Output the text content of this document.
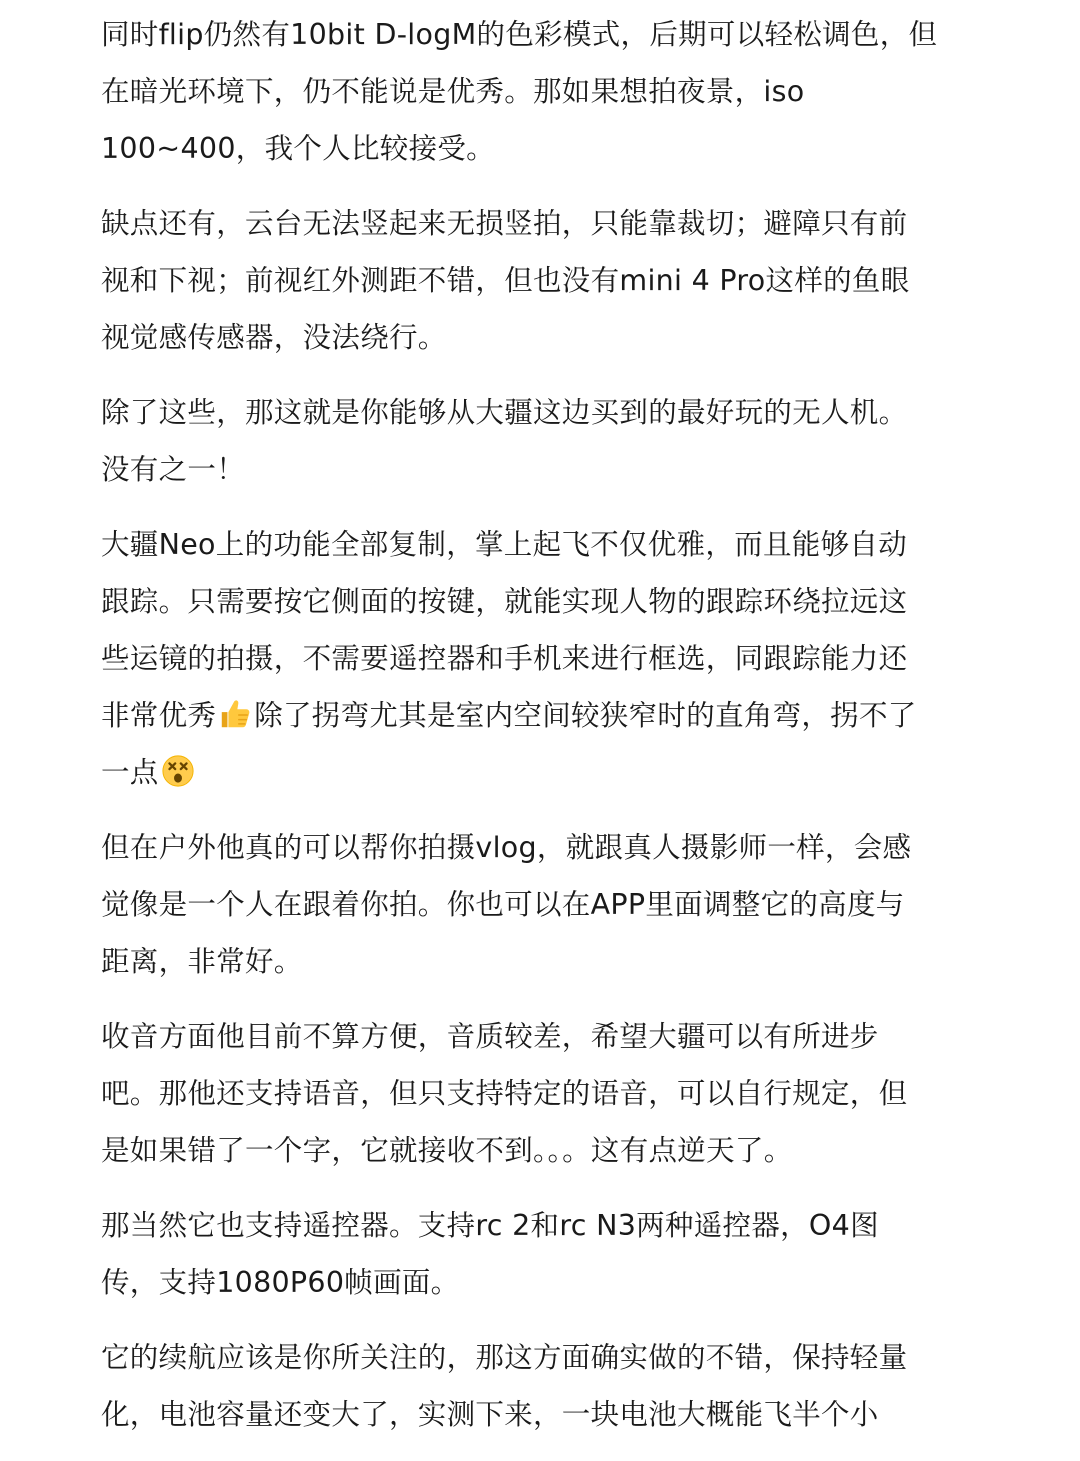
同时flip仍然有10bit D-logM的色彩模式，后期可以轻松调色，但
在暗光环境下，仍不能说是优秀。那如果想拍夜景，iso
100~400，我个人比较接受。

缺点还有，云台无法竖起来无损竖拍，只能靠裁切；避障只有前
视和下视；前视红外测距不错，但也没有mini 4 Pro这样的鱼眼
视觉感传感器，没法绕行。

除了这些，那这就是你能够从大疆这边买到的最好玩的无人机。
没有之一！

大疆Neo上的功能全部复制，掌上起飞不仅优雅，而且能够自动
跟踪。只需要按它侧面的按键，就能实现人物的跟踪环绕拉远这
些运镜的拍摄，不需要遥控器和手机来进行框选，同跟踪能力还
非常优秀 除了拐弯尤其是室内空间较狭窄时的直角弯，拐不了
一点

但在户外他真的可以帮你拍摄vlog，就跟真人摄影师一样，会感
觉像是一个人在跟着你拍。你也可以在APP里面调整它的高度与
距离，非常好。

收音方面他目前不算方便，音质较差，希望大疆可以有所进步
吧。那他还支持语音，但只支持特定的语音，可以自行规定，但
是如果错了一个字，它就接收不到。。。这有点逆天了。

那当然它也支持遥控器。支持rc 2和rc N3两种遥控器，O4图
传，支持1080P60帧画面。

它的续航应该是你所关注的，那这方面确实做的不错，保持轻量
化，电池容量还变大了，实测下来，一块电池大概能飞半个小
